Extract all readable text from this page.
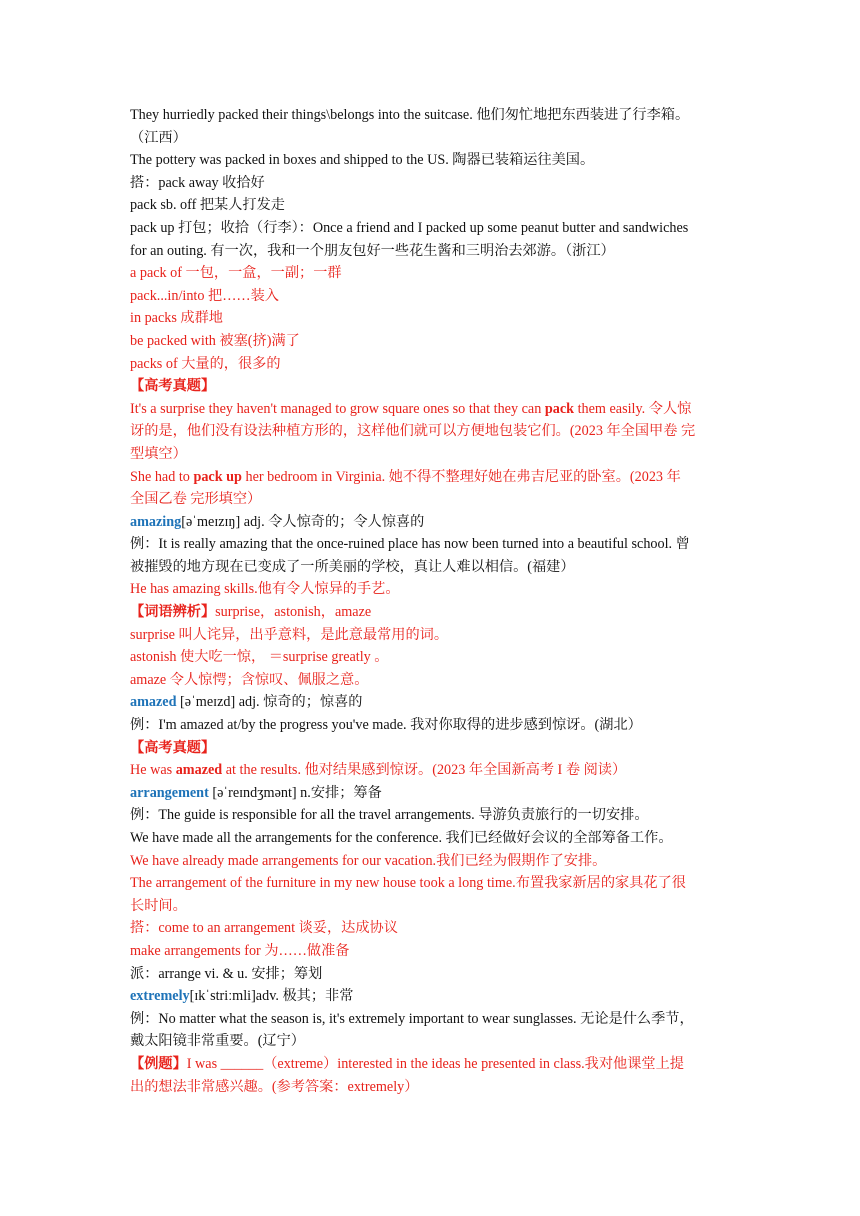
They hurriedly packed their things\belongs into the suitcase. 他们匆忙地把东西装进了行李箱。
（江西）
The pottery was packed in boxes and shipped to the US. 陶器已装箱运往美国。
搭：pack away 收拾好
pack sb. off 把某人打发走
pack up 打包；收拾（行李）：Once a friend and I packed up some peanut butter and sandwiches
for an outing. 有一次，我和一个朋友包好一些花生酱和三明治去郊游。（浙江）
a pack of 一包，一盒，一副；一群
pack...in/into 把……装入
in packs 成群地
be packed with 被塞(挤)满了
packs of 大量的，很多的
【高考真题】
It's a surprise they haven't managed to grow square ones so that they can pack them easily. 令人惊
讶的是，他们没有设法种植方形的，这样他们就可以方便地包装它们。(2023 年全国甲卷 完
型填空）
She had to pack up her bedroom in Virginia. 她不得不整理好她在弗吉尼亚的卧室。(2023 年
全国乙卷 完形填空）
amazing[əˈmeɪzɪŋ] adj. 令人惊奇的；令人惊喜的
例：It is really amazing that the once-ruined place has now been turned into a beautiful school. 曾
被摧毁的地方现在已变成了一所美丽的学校，真让人难以相信。(福建）
He has amazing skills.他有令人惊异的手艺。
【词语辨析】surprise，astonish，amaze
surprise 叫人诧异，出乎意料，是此意最常用的词。
astonish 使大吃一惊， ＝surprise greatly 。
amaze 令人惊愕；含惊叹、佩服之意。
amazed [əˈmeɪzd] adj. 惊奇的；惊喜的
例：I'm amazed at/by the progress you've made. 我对你取得的进步感到惊讶。(湖北）
【高考真题】
He was amazed at the results. 他对结果感到惊讶。(2023 年全国新高考 I 卷 阅读）
arrangement [əˈreɪndʒmənt] n.安排；筹备
例：The guide is responsible for all the travel arrangements. 导游负责旅行的一切安排。
We have made all the arrangements for the conference. 我们已经做好会议的全部筹备工作。
We have already made arrangements for our vacation.我们已经为假期作了安排。
The arrangement of the furniture in my new house took a long time.布置我家新居的家具花了很
长时间。
搭：come to an arrangement 谈妥，达成协议
make arrangements for 为……做准备
派：arrange vi. & u. 安排；筹划
extremely[ɪkˈstriːmli]adv. 极其；非常
例：No matter what the season is, it's extremely important to wear sunglasses. 无论是什么季节，
戴太阳镜非常重要。(辽宁）
【例题】I was ______（extreme）interested in the ideas he presented in class.我对他课堂上提
出的想法非常感兴趣。(参考答案：extremely）
